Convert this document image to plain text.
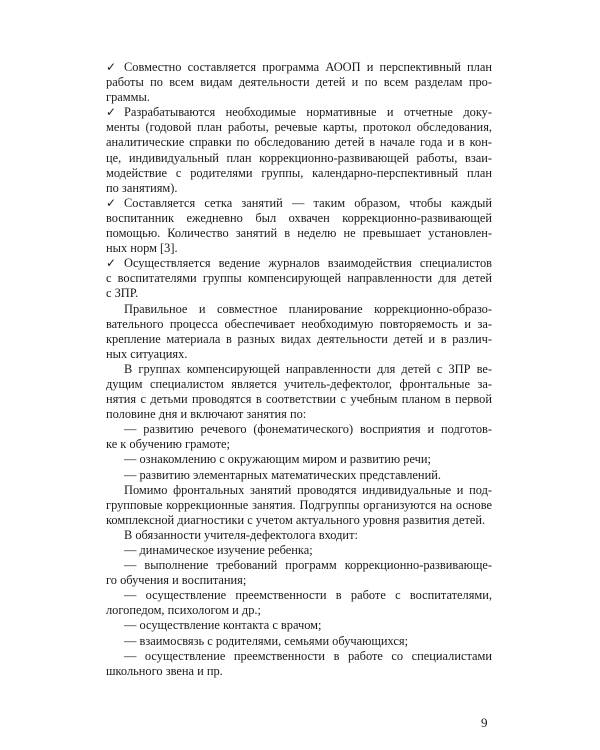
✓ Совместно составляется программа АООП и перспективный план
работы по всем видам деятельности детей и по всем разделам про-
граммы.
✓ Разрабатываются необходимые нормативные и отчетные доку-
менты (годовой план работы, речевые карты, протокол обследования,
аналитические справки по обследованию детей в начале года и в кон-
це, индивидуальный план коррекционно-развивающей работы, взаи-
модействие с родителями группы, календарно-перспективный план
по занятиям).
✓ Составляется сетка занятий — таким образом, чтобы каждый
воспитанник ежедневно был охвачен коррекционно-развивающей
помощью. Количество занятий в неделю не превышает установлен-
ных норм [3].
✓ Осуществляется ведение журналов взаимодействия специалистов
с воспитателями группы компенсирующей направленности для детей
с ЗПР.
Правильное и совместное планирование коррекционно-образо-
вательного процесса обеспечивает необходимую повторяемость и за-
крепление материала в разных видах деятельности детей и в различ-
ных ситуациях.
В группах компенсирующей направленности для детей с ЗПР ве-
дущим специалистом является учитель-дефектолог, фронтальные за-
нятия с детьми проводятся в соответствии с учебным планом в первой
половине дня и включают занятия по:
— развитию речевого (фонематического) восприятия и подготов-
ке к обучению грамоте;
— ознакомлению с окружающим миром и развитию речи;
— развитию элементарных математических представлений.
Помимо фронтальных занятий проводятся индивидуальные и под-
групповые коррекционные занятия. Подгруппы организуются на основе
комплексной диагностики с учетом актуального уровня развития детей.
В обязанности учителя-дефектолога входит:
— динамическое изучение ребенка;
— выполнение требований программ коррекционно-развивающе-
го обучения и воспитания;
— осуществление преемственности в работе с воспитателями,
логопедом, психологом и др.;
— осуществление контакта с врачом;
— взаимосвязь с родителями, семьями обучающихся;
— осуществление преемственности в работе со специалистами
школьного звена и пр.
9
